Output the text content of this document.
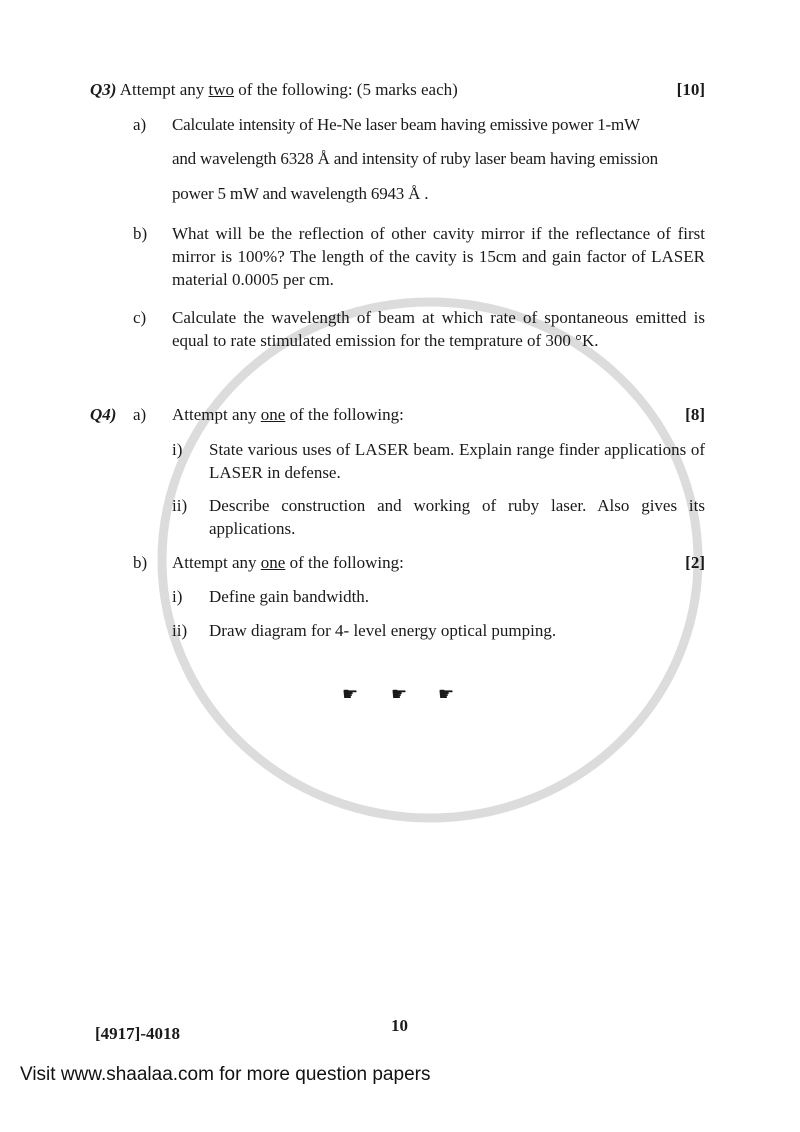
Q3) Attempt any two of the following: (5 marks each)	[10]
a) Calculate intensity of He-Ne laser beam having emissive power 1-mW
and wavelength 6328 Å and intensity of ruby laser beam having emission
power 5 mW and wavelength 6943 Å .
b) What will be the reflection of other cavity mirror if the reflectance of first mirror is 100%? The length of the cavity is 15cm and gain factor of LASER material 0.0005 per cm.
c) Calculate the wavelength of beam at which rate of spontaneous emitted is equal to rate stimulated emission for the temprature of 300 °K.
Q4) a) Attempt any one of the following:	[8]
i) State various uses of LASER beam. Explain range finder applications of LASER in defense.
ii) Describe construction and working of ruby laser. Also gives its applications.
b) Attempt any one of the following:	[2]
i) Define gain bandwidth.
ii) Draw diagram for 4- level energy optical pumping.
☛ ☛ ☛
[4917]-4018	10
Visit www.shaalaa.com for more question papers
